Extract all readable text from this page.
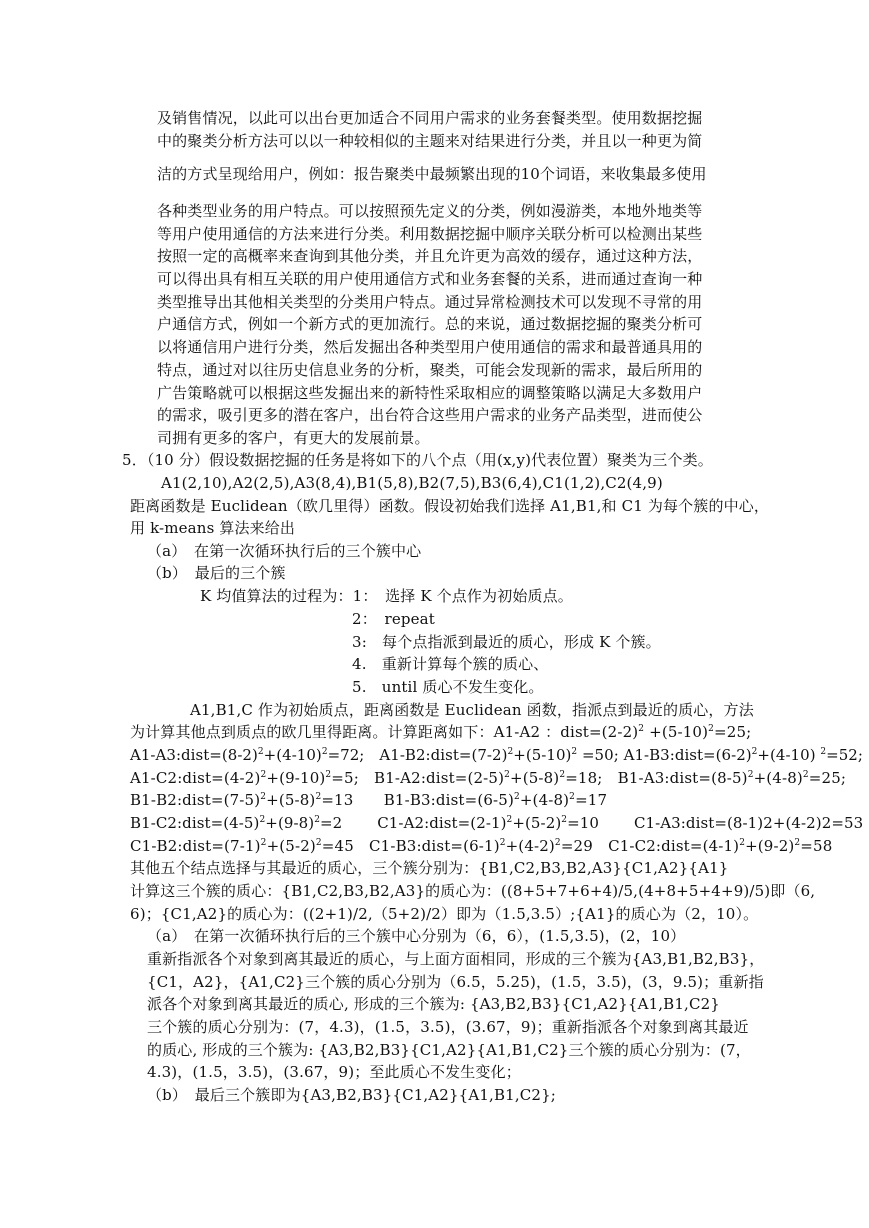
及销售情况，以此可以出台更加适合不同用户需求的业务套餐类型。使用数据挖掘
中的聚类分析方法可以以一种较相似的主题来对结果进行分类，并且以一种更为简
洁的方式呈现给用户，例如：报告聚类中最频繁出现的10个词语，来收集最多使用
各种类型业务的用户特点。可以按照预先定义的分类，例如漫游类，本地外地类等
等用户使用通信的方法来进行分类。利用数据挖掘中顺序关联分析可以检测出某些
按照一定的高概率来查询到其他分类，并且允许更为高效的缓存，通过这种方法，
可以得出具有相互关联的用户使用通信方式和业务套餐的关系，进而通过查询一种
类型推导出其他相关类型的分类用户特点。通过异常检测技术可以发现不寻常的用
户通信方式，例如一个新方式的更加流行。总的来说，通过数据挖掘的聚类分析可
以将通信用户进行分类，然后发掘出各种类型用户使用通信的需求和最普通具用的
特点，通过对以往历史信息业务的分析，聚类，可能会发现新的需求，最后所用的
广告策略就可以根据这些发掘出来的新特性采取相应的调整策略以满足大多数用户
的需求，吸引更多的潜在客户，出台符合这些用户需求的业务产品类型，进而使公
司拥有更多的客户，有更大的发展前景。
5．（10 分）假设数据挖掘的任务是将如下的八个点（用(x,y)代表位置）聚类为三个类。
A1(2,10),A2(2,5),A3(8,4),B1(5,8),B2(7,5),B3(6,4),C1(1,2),C2(4,9)
距离函数是 Euclidean（欧几里得）函数。假设初始我们选择 A1,B1,和 C1 为每个簇的中心，
用 k-means 算法来给出
（a）　在第一次循环执行后的三个簇中心
（b）　最后的三个簇
K 均值算法的过程为：1：　选择 K 个点作为初始质点。
2：　repeat
3:　每个点指派到最近的质心，形成 K 个簇。
4.　重新计算每个簇的质心、
5.　until 质心不发生变化。
A1,B1,C 作为初始质点，距离函数是 Euclidean 函数，指派点到最近的质心，方法
为计算其他点到质点的欧几里得距离。计算距离如下：A1-A2 ：$dist=(2-2)^2 +(5-10)^2=25$;
$A1-A3:dist=(8-2)^2+(4-10)^2=72$;　$A1-B2:dist=(7-2)^2+(5-10)^2 =50$; $A1-B3:dist=(6-2)^2+(4-10)$ $^2$=52;
$A1-C2:dist=(4-2)^2+(9-10)^2=5$;　$B1-A2:dist=(2-5)^2+(5-8)^2=18$;　$B1-A3:dist=(8-5)^2+(4-8)^2=25$;
$B1-B2:dist=(7-5)^2+(5-8)^2=13$　　$B1-B3:dist=(6-5)^2+(4-8)^2=17$
$B1-C2:dist=(4-5)^2+(9-8)^2=2$　　 $C1-A2:dist=(2-1)^2+(5-2)^2=10$　　 C1-A3:dist=(8-1)2+(4-2)2=53
$C1-B2:dist=(7-1)^2+(5-2)^2=45$　$C1-B3:dist=(6-1)^2+(4-2)^2=29$　$C1-C2:dist=(4-1)^2+(9-2)^2=58$
其他五个结点选择与其最近的质心，三个簇分别为：{B1,C2,B3,B2,A3}{C1,A2}{A1}
计算这三个簇的质心：{B1,C2,B3,B2,A3}的质心为：((8+5+7+6+4)/5,(4+8+5+4+9)/5)即（6,
6)；{C1,A2}的质心为：((2+1)/2,（5+2)/2）即为（1.5,3.5）;{A1}的质心为（2，10）。
（a）　在第一次循环执行后的三个簇中心分别为（6，6），(1.5,3.5)，(2，10）
重新指派各个对象到离其最近的质心，与上面方面相同，形成的三个簇为{A3,B1,B2,B3}，
{C1，A2}，{A1,C2}三个簇的质心分别为（6.5，5.25)，(1.5，3.5)，(3，9.5)；重新指
派各个对象到离其最近的质心, 形成的三个簇为: {A3,B2,B3}{C1,A2}{A1,B1,C2}
三个簇的质心分别为：(7，4.3)，(1.5，3.5)，(3.67，9)；重新指派各个对象到离其最近
的质心, 形成的三个簇为: {A3,B2,B3}{C1,A2}{A1,B1,C2}三个簇的质心分别为：(7，
4.3)，(1.5，3.5)，(3.67，9)；至此质心不发生变化；
（b）　最后三个簇即为{A3,B2,B3}{C1,A2}{A1,B1,C2};
